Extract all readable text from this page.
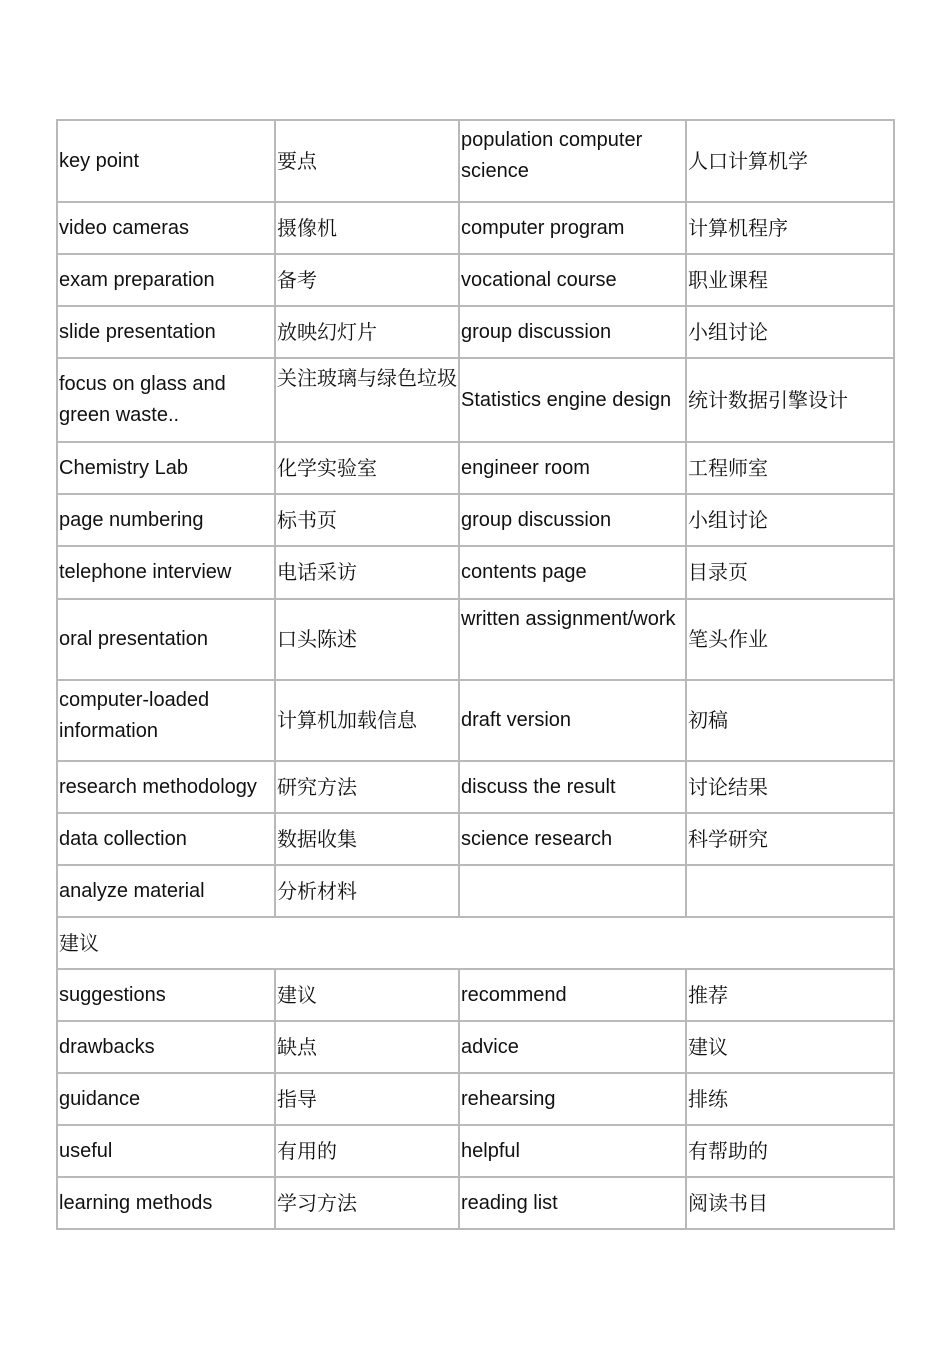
key point	要点	population computer science	人口计算机学
video cameras	摄像机	computer program	计算机程序
exam preparation	备考	vocational course	职业课程
slide presentation	放映幻灯片	group discussion	小组讨论
focus on glass and green waste..	关注玻璃与绿色垃圾	Statistics engine design	统计数据引擎设计
Chemistry Lab	化学实验室	engineer room	工程师室
page numbering	标书页	group discussion	小组讨论
telephone interview	电话采访	contents page	目录页
oral presentation	口头陈述	written assignment/work	笔头作业
computer-loaded information	计算机加载信息	draft version	初稿
research methodology	研究方法	discuss the result	讨论结果
data collection	数据收集	science research	科学研究
analyze material	分析材料		
建议			
suggestions	建议	recommend	推荐
drawbacks	缺点	advice	建议
guidance	指导	rehearsing	排练
useful	有用的	helpful	有帮助的
learning methods	学习方法	reading list	阅读书目
